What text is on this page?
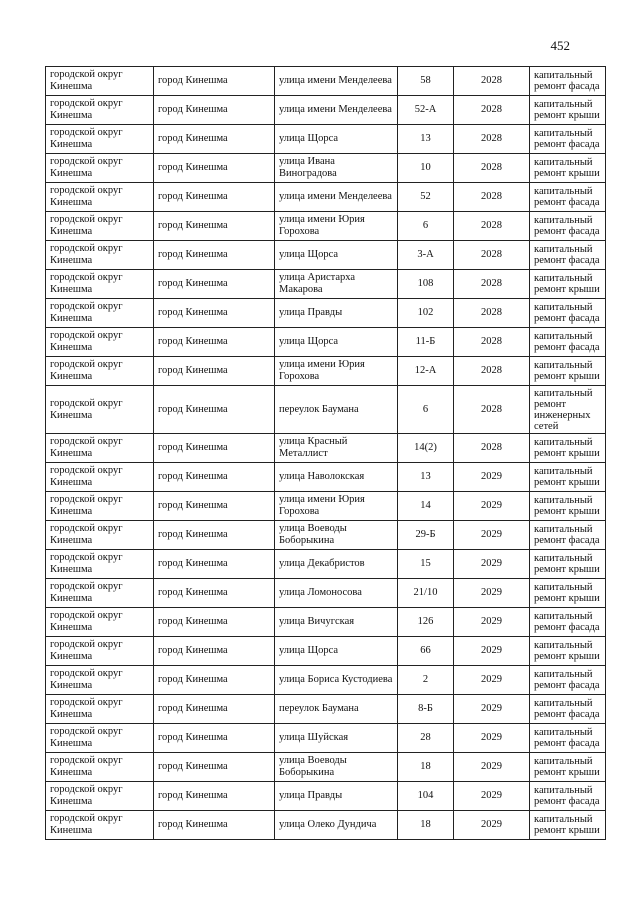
452
городской округ Кинешма	город Кинешма	улица имени Менделеева	58	2028	капитальный ремонт фасада
городской округ Кинешма	город Кинешма	улица имени Менделеева	52-А	2028	капитальный ремонт крыши
городской округ Кинешма	город Кинешма	улица Щорса	13	2028	капитальный ремонт фасада
городской округ Кинешма	город Кинешма	улица Ивана Виноградова	10	2028	капитальный ремонт крыши
городской округ Кинешма	город Кинешма	улица имени Менделеева	52	2028	капитальный ремонт фасада
городской округ Кинешма	город Кинешма	улица имени Юрия Горохова	6	2028	капитальный ремонт фасада
городской округ Кинешма	город Кинешма	улица Щорса	3-А	2028	капитальный ремонт фасада
городской округ Кинешма	город Кинешма	улица Аристарха Макарова	108	2028	капитальный ремонт крыши
городской округ Кинешма	город Кинешма	улица Правды	102	2028	капитальный ремонт фасада
городской округ Кинешма	город Кинешма	улица Щорса	11-Б	2028	капитальный ремонт фасада
городской округ Кинешма	город Кинешма	улица имени Юрия Горохова	12-А	2028	капитальный ремонт крыши
городской округ Кинешма	город Кинешма	переулок Баумана	6	2028	капитальный ремонт инженерных сетей
городской округ Кинешма	город Кинешма	улица Красный Металлист	14(2)	2028	капитальный ремонт крыши
городской округ Кинешма	город Кинешма	улица Наволокская	13	2029	капитальный ремонт крыши
городской округ Кинешма	город Кинешма	улица имени Юрия Горохова	14	2029	капитальный ремонт крыши
городской округ Кинешма	город Кинешма	улица Воеводы Боборыкина	29-Б	2029	капитальный ремонт фасада
городской округ Кинешма	город Кинешма	улица Декабристов	15	2029	капитальный ремонт крыши
городской округ Кинешма	город Кинешма	улица Ломоносова	21/10	2029	капитальный ремонт крыши
городской округ Кинешма	город Кинешма	улица Вичугская	126	2029	капитальный ремонт фасада
городской округ Кинешма	город Кинешма	улица Щорса	66	2029	капитальный ремонт крыши
городской округ Кинешма	город Кинешма	улица Бориса Кустодиева	2	2029	капитальный ремонт фасада
городской округ Кинешма	город Кинешма	переулок Баумана	8-Б	2029	капитальный ремонт фасада
городской округ Кинешма	город Кинешма	улица Шуйская	28	2029	капитальный ремонт фасада
городской округ Кинешма	город Кинешма	улица Воеводы Боборыкина	18	2029	капитальный ремонт крыши
городской округ Кинешма	город Кинешма	улица Правды	104	2029	капитальный ремонт фасада
городской округ Кинешма	город Кинешма	улица Олеко Дундича	18	2029	капитальный ремонт крыши
